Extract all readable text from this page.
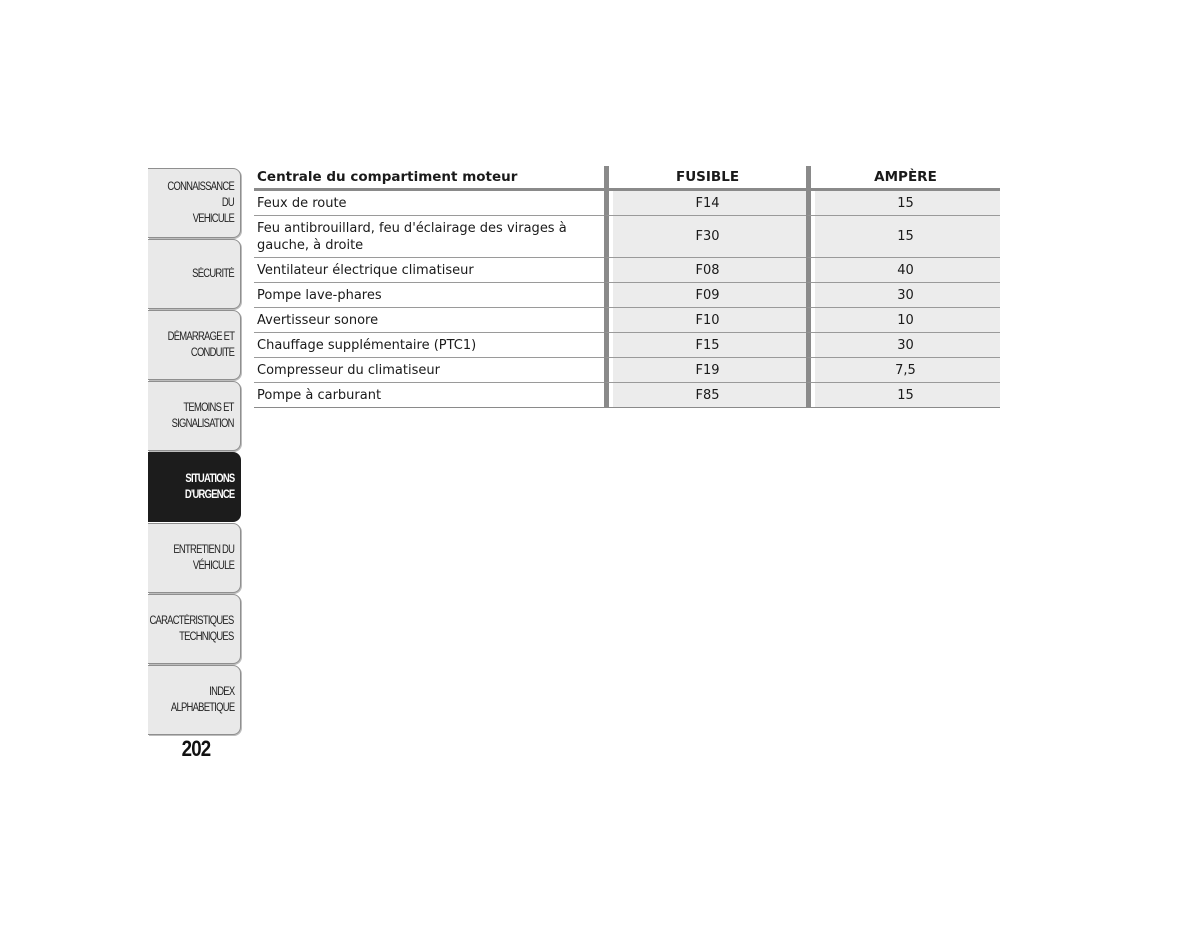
CONNAISSANCE DU
VEHICULE
SÉCURITÉ
DÉMARRAGE ET
CONDUITE
TEMOINS ET
SIGNALISATION
SITUATIONS
D'URGENCE
ENTRETIEN DU
VÉHICULE
CARACTÉRISTIQUES
TECHNIQUES
INDEX
ALPHABETIQUE
202
Centrale du compartiment moteur	FUSIBLE	AMPÈRE
Feux de route	F14	15
Feu antibrouillard, feu d'éclairage des virages à gauche, à droite	F30	15
Ventilateur électrique climatiseur	F08	40
Pompe lave-phares	F09	30
Avertisseur sonore	F10	10
Chauffage supplémentaire (PTC1)	F15	30
Compresseur du climatiseur	F19	7,5
Pompe à carburant	F85	15
